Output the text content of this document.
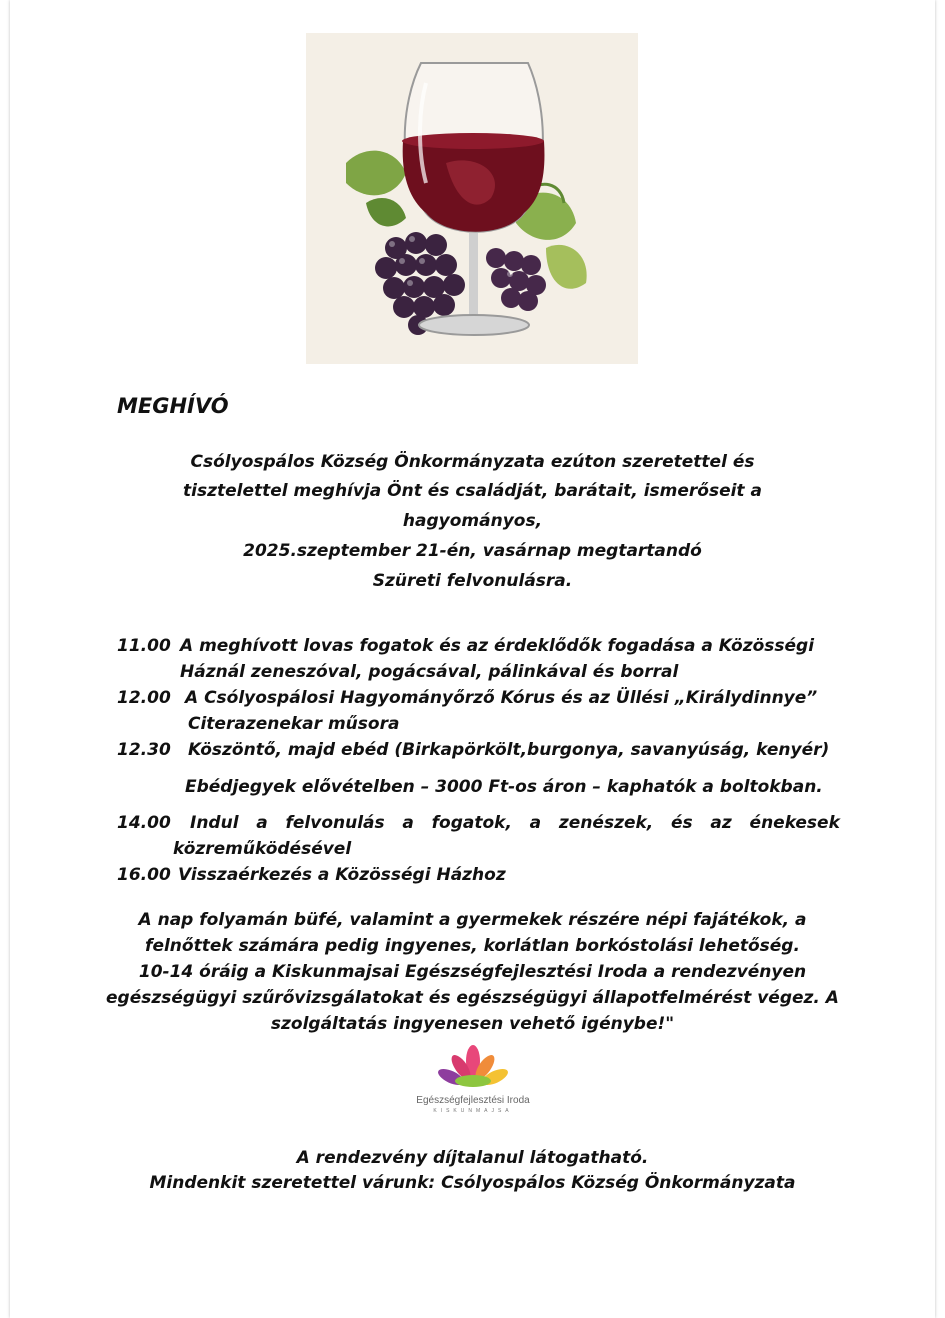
MEGHÍVÓ
Csólyospálos Község Önkormányzata ezúton szeretettel és
tisztelettel meghívja Önt és családját, barátait, ismerőseit a
hagyományos,
2025.szeptember 21-én, vasárnap megtartandó
Szüreti felvonulásra.
11.00 A meghívott lovas fogatok és az érdeklődők fogadása a Közösségi
Háznál zeneszóval, pogácsával, pálinkával és borral
12.00 A Csólyospálosi Hagyományőrző Kórus és az Üllési „Királydinnye”
Citerazenekar műsora
12.30 Köszöntő, majd ebéd (Birkapörkölt,burgonya, savanyúság, kenyér)
Ebédjegyek elővételben – 3000 Ft-os áron – kaphatók a boltokban.
14.00 Indul   a   felvonulás   a   fogatok,   a   zenészek,   és   az   énekesek
közreműködésével
16.00 Visszaérkezés a Közösségi Házhoz
A nap folyamán büfé, valamint a gyermekek részére népi fajátékok, a
felnőttek számára pedig ingyenes, korlátlan borkóstolási lehetőség.
10-14 óráig a Kiskunmajsai Egészségfejlesztési Iroda a rendezvényen
egészségügyi szűrővizsgálatokat és egészségügyi állapotfelmérést végez. A
szolgáltatás ingyenesen vehető igénybe!"
Egészségfejlesztési Iroda
KISKUNMAJSA
A rendezvény díjtalanul látogatható.
Mindenkit szeretettel várunk: Csólyospálos Község Önkormányzata
